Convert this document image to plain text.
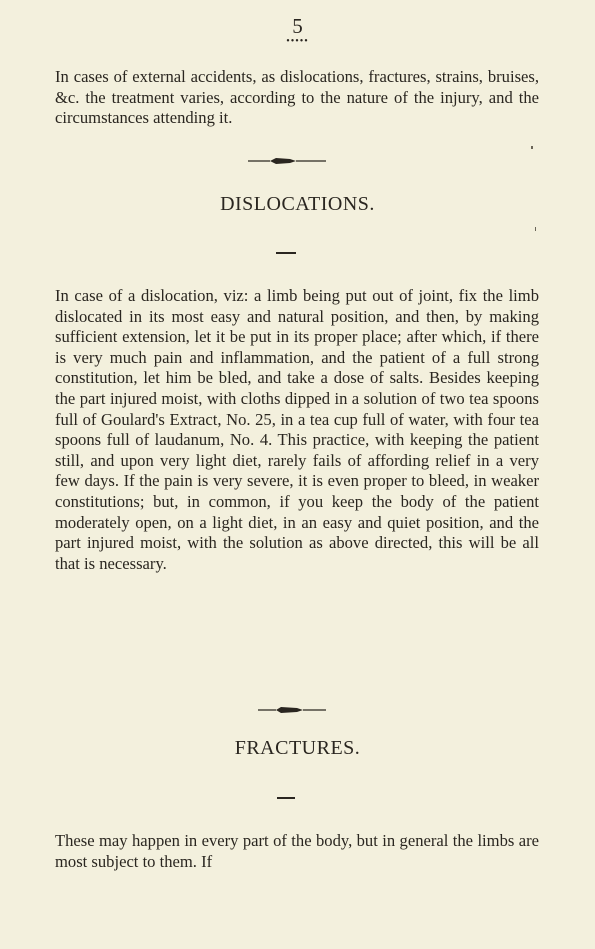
5
•••••

In cases of external accidents, as dislocations, fractures, strains, bruises, &c. the treatment varies, according to the nature of the injury, and the circumstances attending it.

DISLOCATIONS.

In case of a dislocation, viz: a limb being put out of joint, fix the limb dislocated in its most easy and natural position, and then, by making sufficient extension, let it be put in its proper place; after which, if there is very much pain and inflammation, and the patient of a full strong constitution, let him be bled, and take a dose of salts. Besides keeping the part injured moist, with cloths dipped in a solution of two tea spoons full of Goulard's Extract, No. 25, in a tea cup full of water, with four tea spoons full of laudanum, No. 4. This practice, with keeping the patient still, and upon very light diet, rarely fails of affording relief in a very few days. If the pain is very severe, it is even proper to bleed, in weaker constitutions; but, in common, if you keep the body of the patient moderately open, on a light diet, in an easy and quiet position, and the part injured moist, with the solution as above directed, this will be all that is necessary.

FRACTURES.

These may happen in every part of the body, but in general the limbs are most subject to them. If
